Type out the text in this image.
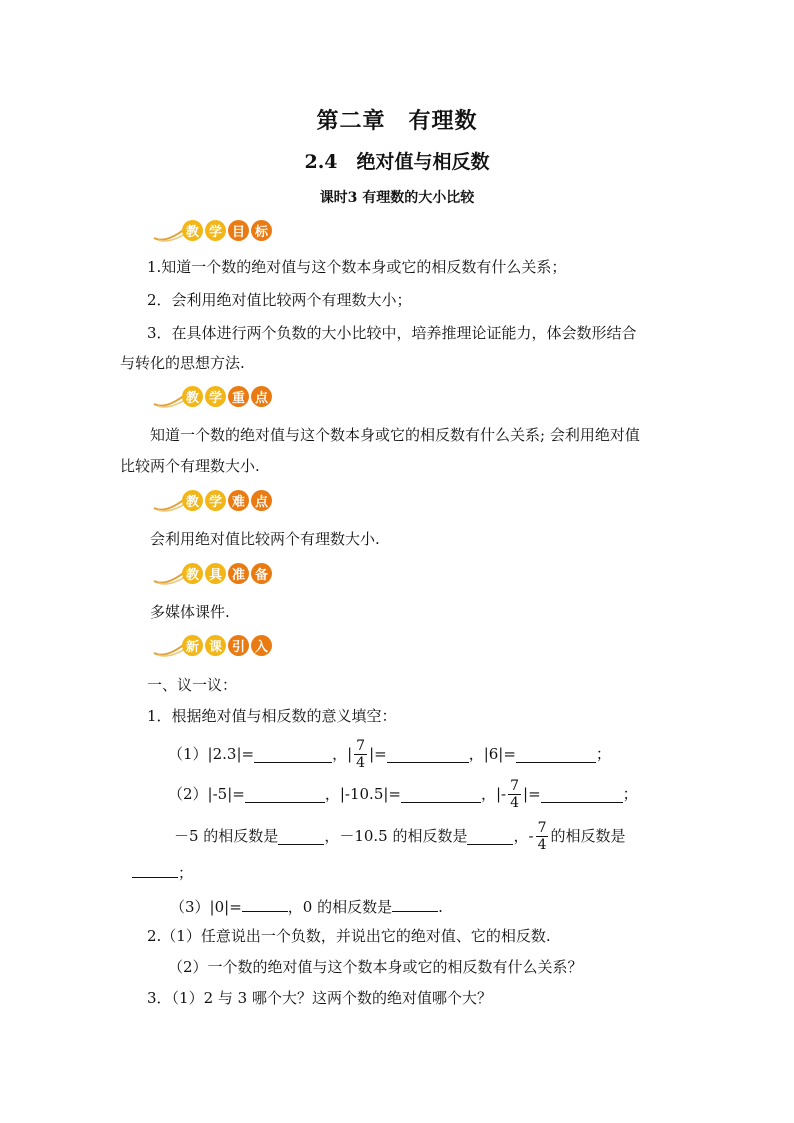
第二章　有理数
2.4　绝对值与相反数
课时3 有理数的大小比较
教 学 目 标
1.知道一个数的绝对值与这个数本身或它的相反数有什么关系；
2．会利用绝对值比较两个有理数大小；
3．在具体进行两个负数的大小比较中，培养推理论证能力，体会数形结合
与转化的思想方法.
教 学 重 点
知道一个数的绝对值与这个数本身或它的相反数有什么关系; 会利用绝对值
比较两个有理数大小.
教 学 难 点
会利用绝对值比较两个有理数大小.
教 具 准 备
多媒体课件.
新 课 引 入
一、议一议：
1．根据绝对值与相反数的意义填空：
（1） |2.3|=	，| $\frac{7}{4}$ |=	，|6|=	；
（2） |-5|=	，|-10.5|=	，|- $\frac{7}{4}$ |=	；
－5 的相反数是	，－10.5 的相反数是	，- $\frac{7}{4}$ 的相反数是
；
（3）|0|=	，0 的相反数是	.
2.（1）任意说出一个负数，并说出它的绝对值、它的相反数.
（2）一个数的绝对值与这个数本身或它的相反数有什么关系？
3．（1）2 与 3 哪个大？这两个数的绝对值哪个大？
